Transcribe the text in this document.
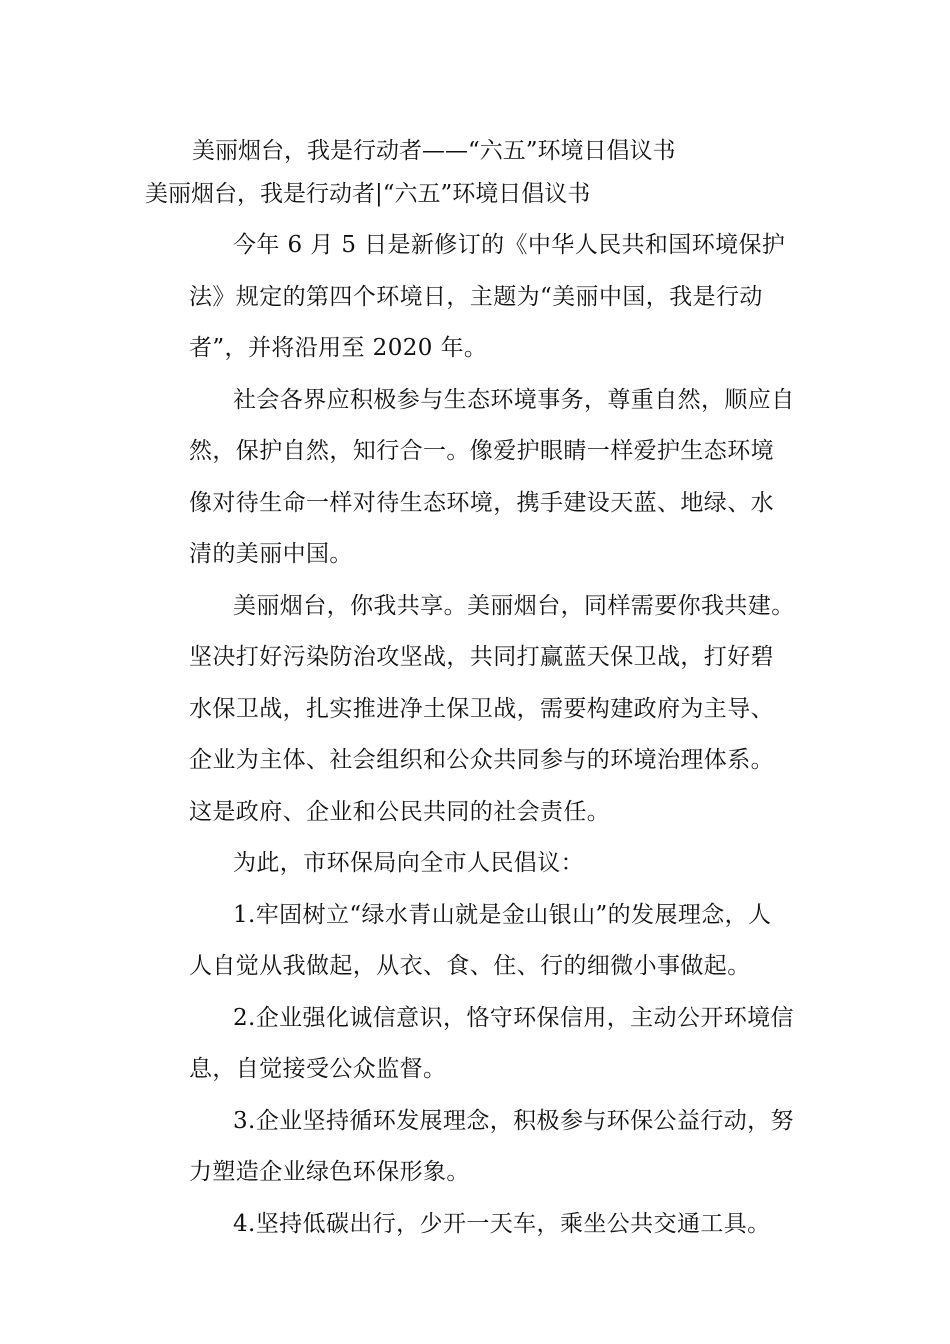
美丽烟台，我是行动者——“六五”环境日倡议书
美丽烟台，我是行动者|“六五”环境日倡议书

今年 6 月 5 日是新修订的《中华人民共和国环境保护
法》规定的第四个环境日，主题为“美丽中国，我是行动
者”，并将沿用至 2020 年。

社会各界应积极参与生态环境事务，尊重自然，顺应自
然，保护自然，知行合一。像爱护眼睛一样爱护生态环境
像对待生命一样对待生态环境，携手建设天蓝、地绿、水
清的美丽中国。

美丽烟台，你我共享。美丽烟台，同样需要你我共建。
坚决打好污染防治攻坚战，共同打赢蓝天保卫战，打好碧
水保卫战，扎实推进净土保卫战，需要构建政府为主导、
企业为主体、社会组织和公众共同参与的环境治理体系。
这是政府、企业和公民共同的社会责任。

为此，市环保局向全市人民倡议：

1.牢固树立“绿水青山就是金山银山”的发展理念，人
人自觉从我做起，从衣、食、住、行的细微小事做起。

2.企业强化诚信意识，恪守环保信用，主动公开环境信
息，自觉接受公众监督。

3.企业坚持循环发展理念，积极参与环保公益行动，努
力塑造企业绿色环保形象。

4.坚持低碳出行，少开一天车，乘坐公共交通工具。
